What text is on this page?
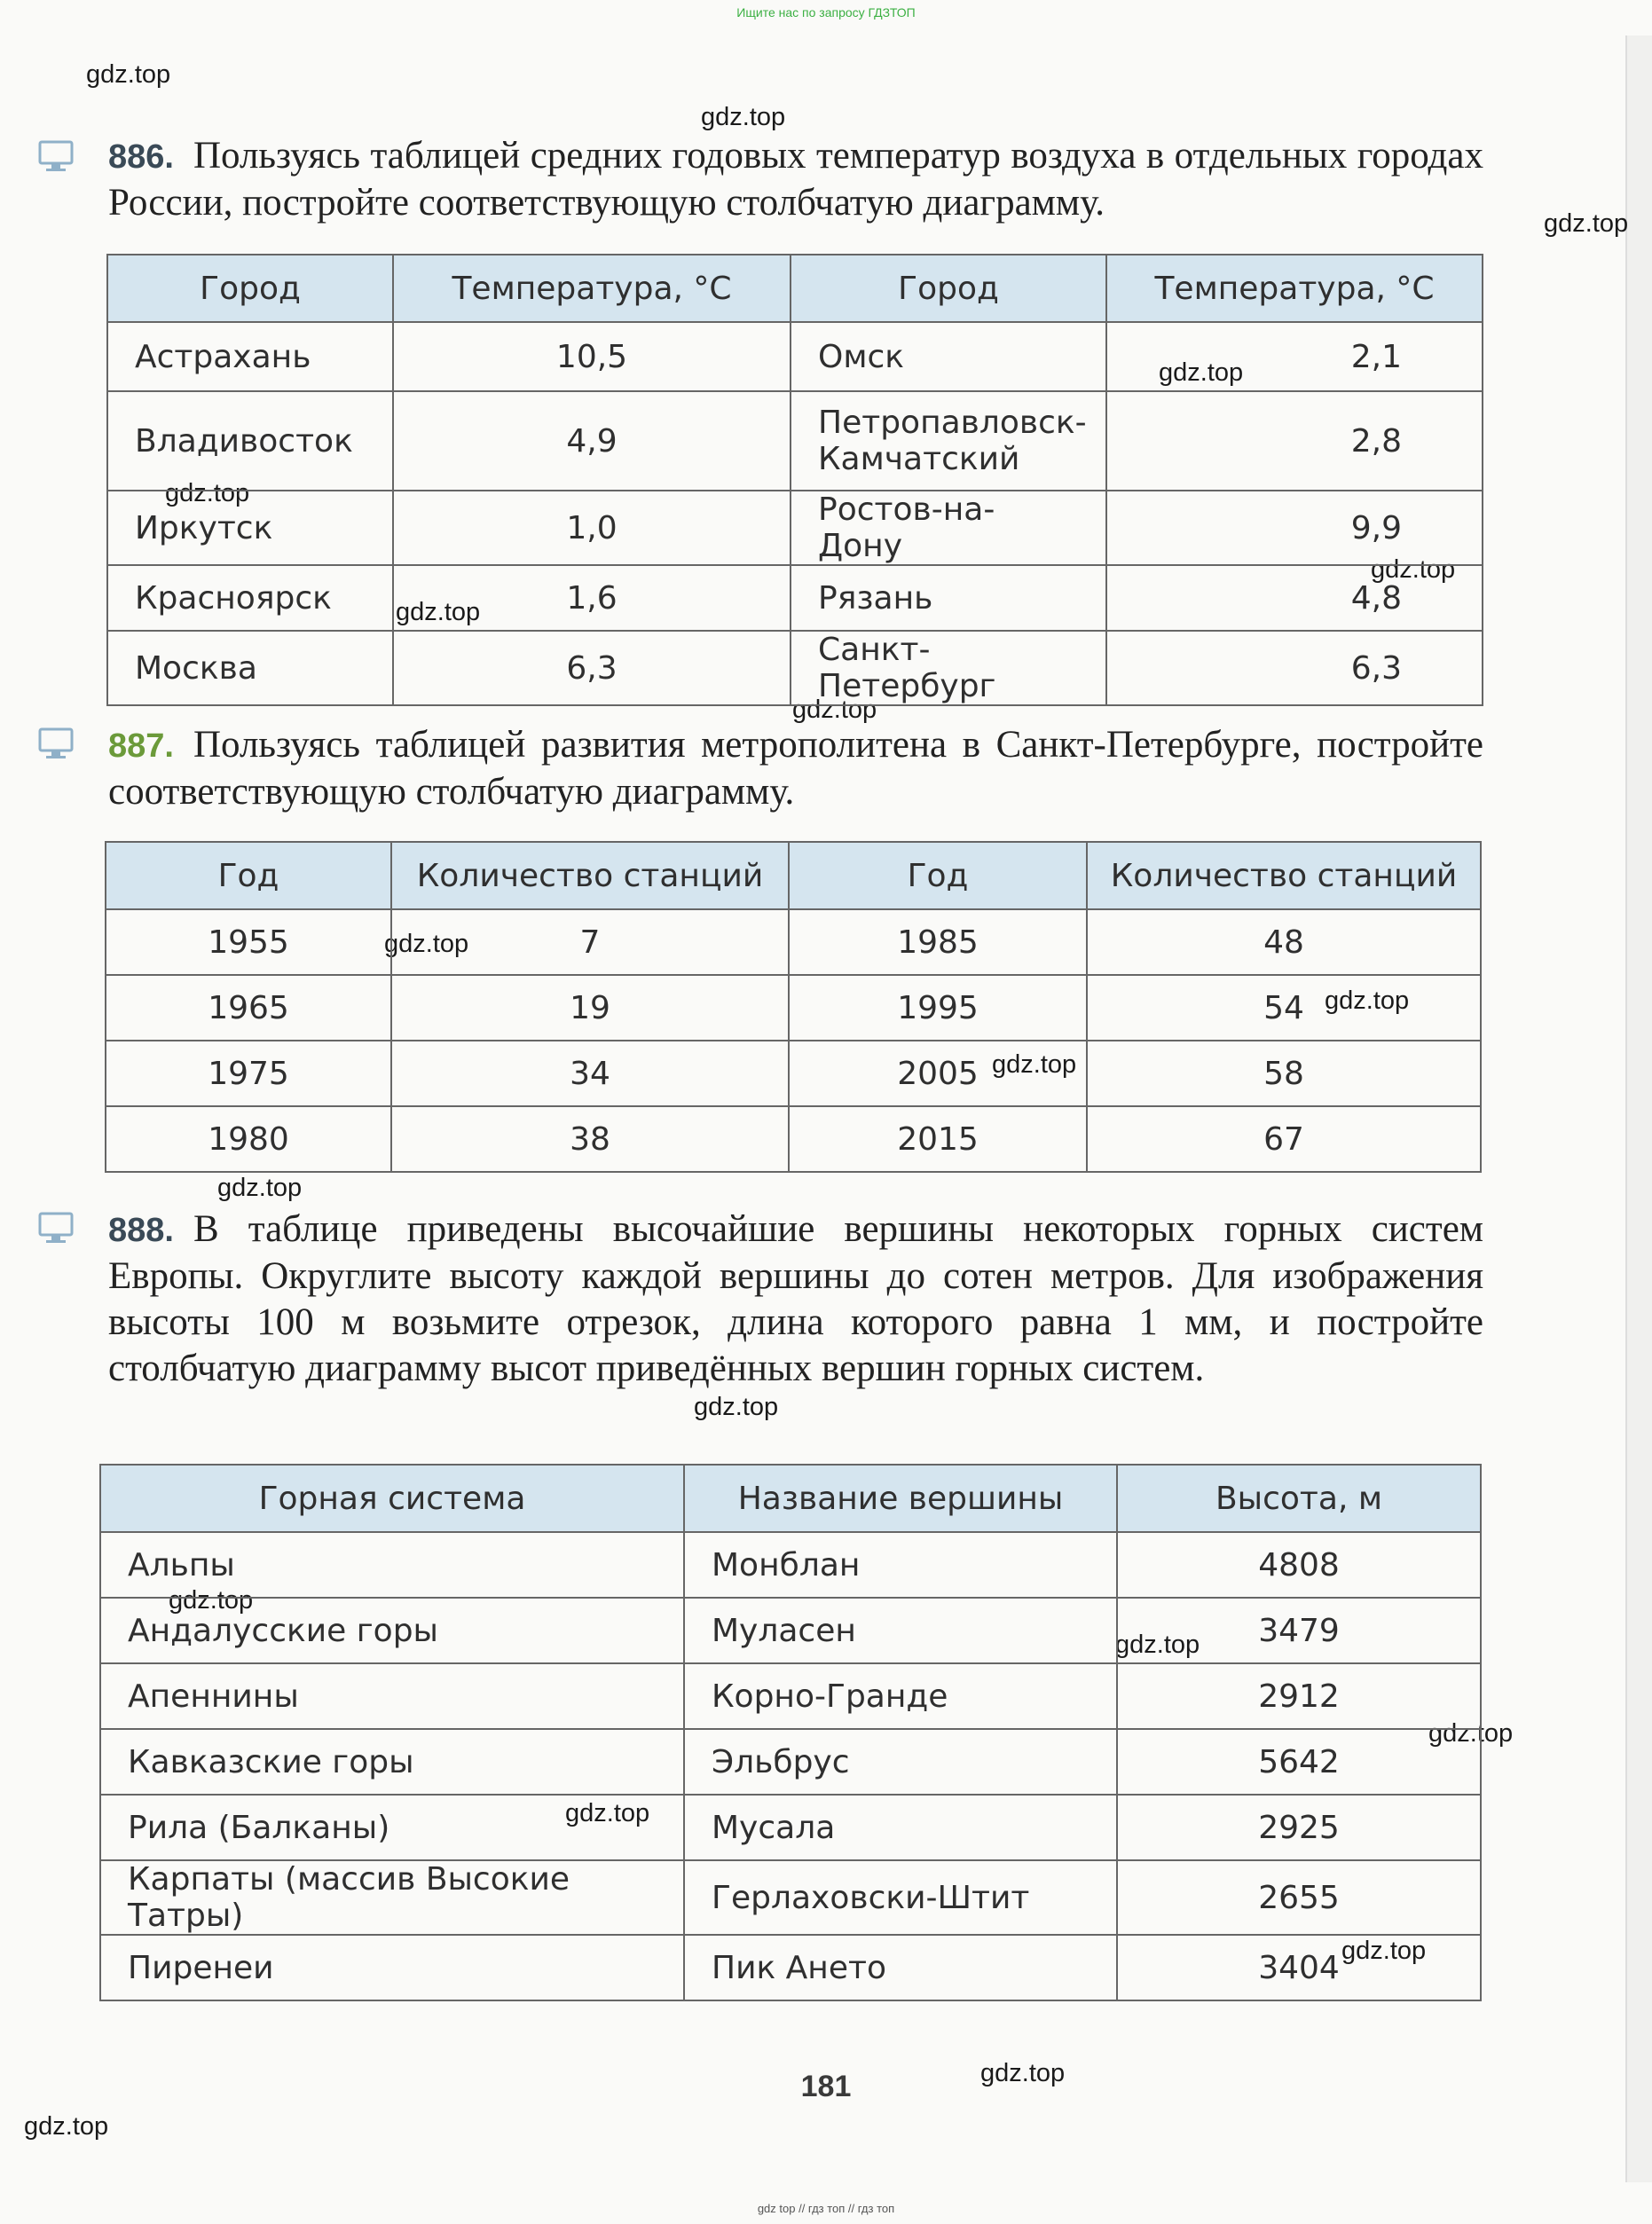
Ищите нас по запросу ГДЗТОП
gdz.top
gdz.top
gdz.top
gdz.top
gdz.top
gdz.top
gdz.top
gdz.top
gdz.top
gdz.top
gdz.top
gdz.top
gdz.top
gdz.top
gdz.top
gdz.top
gdz.top
gdz.top
gdz.top
gdz.top
886. Пользуясь таблицей средних годовых температур воздуха в отдельных городах России, постройте соответствующую столбчатую диаграмму.
Город	Температура, °C	Город	Температура, °C
Астрахань	10,5	Омск	2,1
Владивосток	4,9	Петропавловск-Камчатский	2,8
Иркутск	1,0	Ростов-на-Дону	9,9
Красноярск	1,6	Рязань	4,8
Москва	6,3	Санкт-Петербург	6,3
887. Пользуясь таблицей развития метрополитена в Санкт-Петербурге, постройте соответствующую столбчатую диаграмму.
Год	Количество станций	Год	Количество станций
1955	7	1985	48
1965	19	1995	54
1975	34	2005	58
1980	38	2015	67
888. В таблице приведены высочайшие вершины некоторых горных систем Европы. Округлите высоту каждой вершины до сотен метров. Для изображения высоты 100 м возьмите отрезок, длина которого равна 1 мм, и постройте столбчатую диаграмму высот приведённых вершин горных систем.
Горная система	Название вершины	Высота, м
Альпы	Монблан	4808
Андалусские горы	Муласен	3479
Апеннины	Корно-Гранде	2912
Кавказские горы	Эльбрус	5642
Рила (Балканы)	Мусала	2925
Карпаты (массив Высокие Татры)	Герлаховски-Штит	2655
Пиренеи	Пик Ането	3404
181
gdz top // гдз топ // гдз топ
